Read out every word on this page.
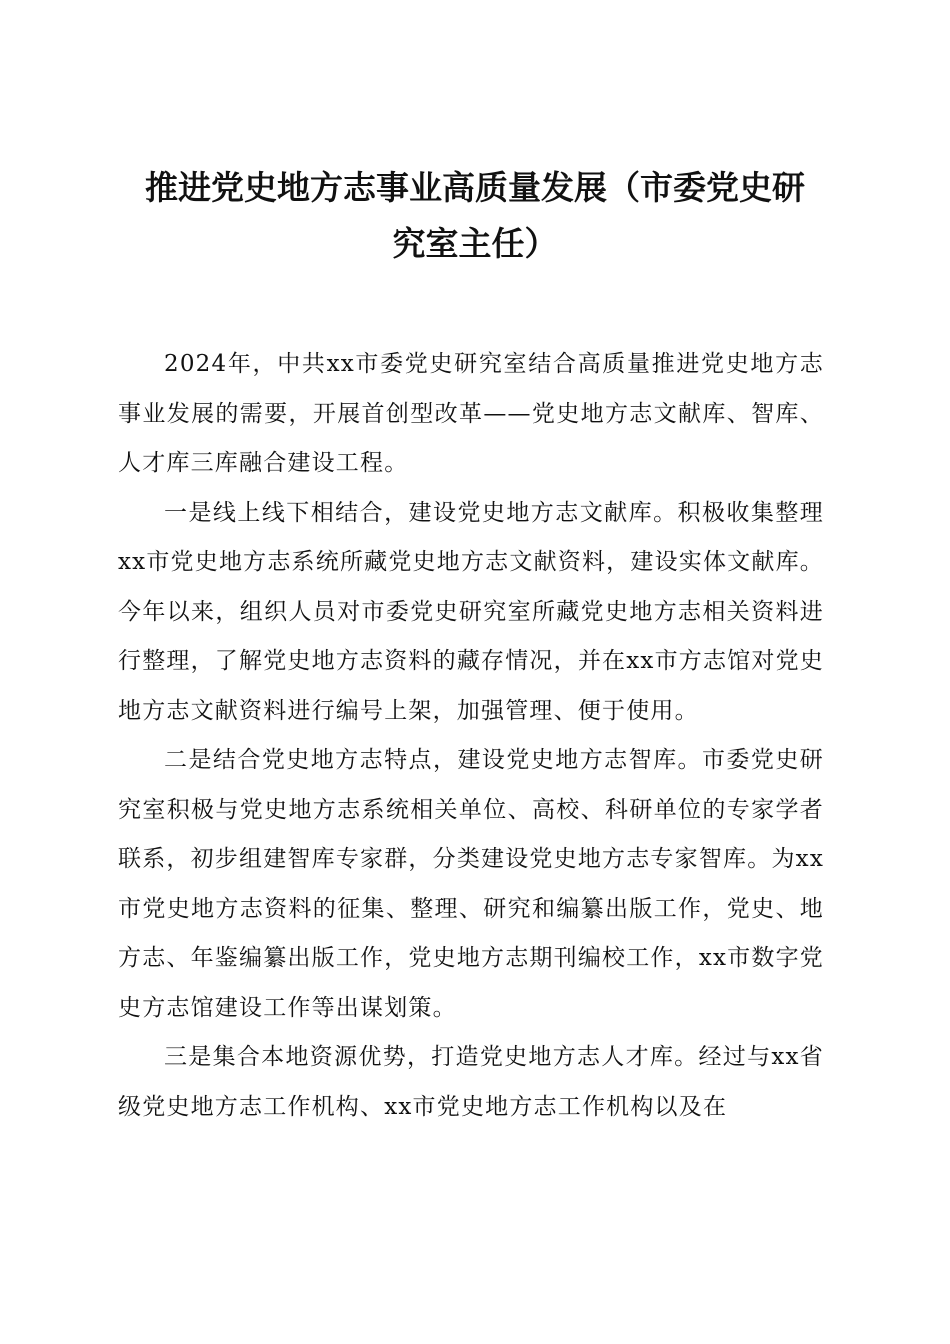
推进党史地方志事业高质量发展（市委党史研
究室主任）

2024年，中共xx市委党史研究室结合高质量推进党史地方志事业发展的需要，开展首创型改革——党史地方志文献库、智库、人才库三库融合建设工程。

一是线上线下相结合，建设党史地方志文献库。积极收集整理xx市党史地方志系统所藏党史地方志文献资料，建设实体文献库。今年以来，组织人员对市委党史研究室所藏党史地方志相关资料进行整理，了解党史地方志资料的藏存情况，并在xx市方志馆对党史地方志文献资料进行编号上架，加强管理、便于使用。

二是结合党史地方志特点，建设党史地方志智库。市委党史研究室积极与党史地方志系统相关单位、高校、科研单位的专家学者联系，初步组建智库专家群，分类建设党史地方志专家智库。为xx市党史地方志资料的征集、整理、研究和编纂出版工作，党史、地方志、年鉴编纂出版工作，党史地方志期刊编校工作，xx市数字党史方志馆建设工作等出谋划策。

三是集合本地资源优势，打造党史地方志人才库。经过与xx省级党史地方志工作机构、xx市党史地方志工作机构以及在
